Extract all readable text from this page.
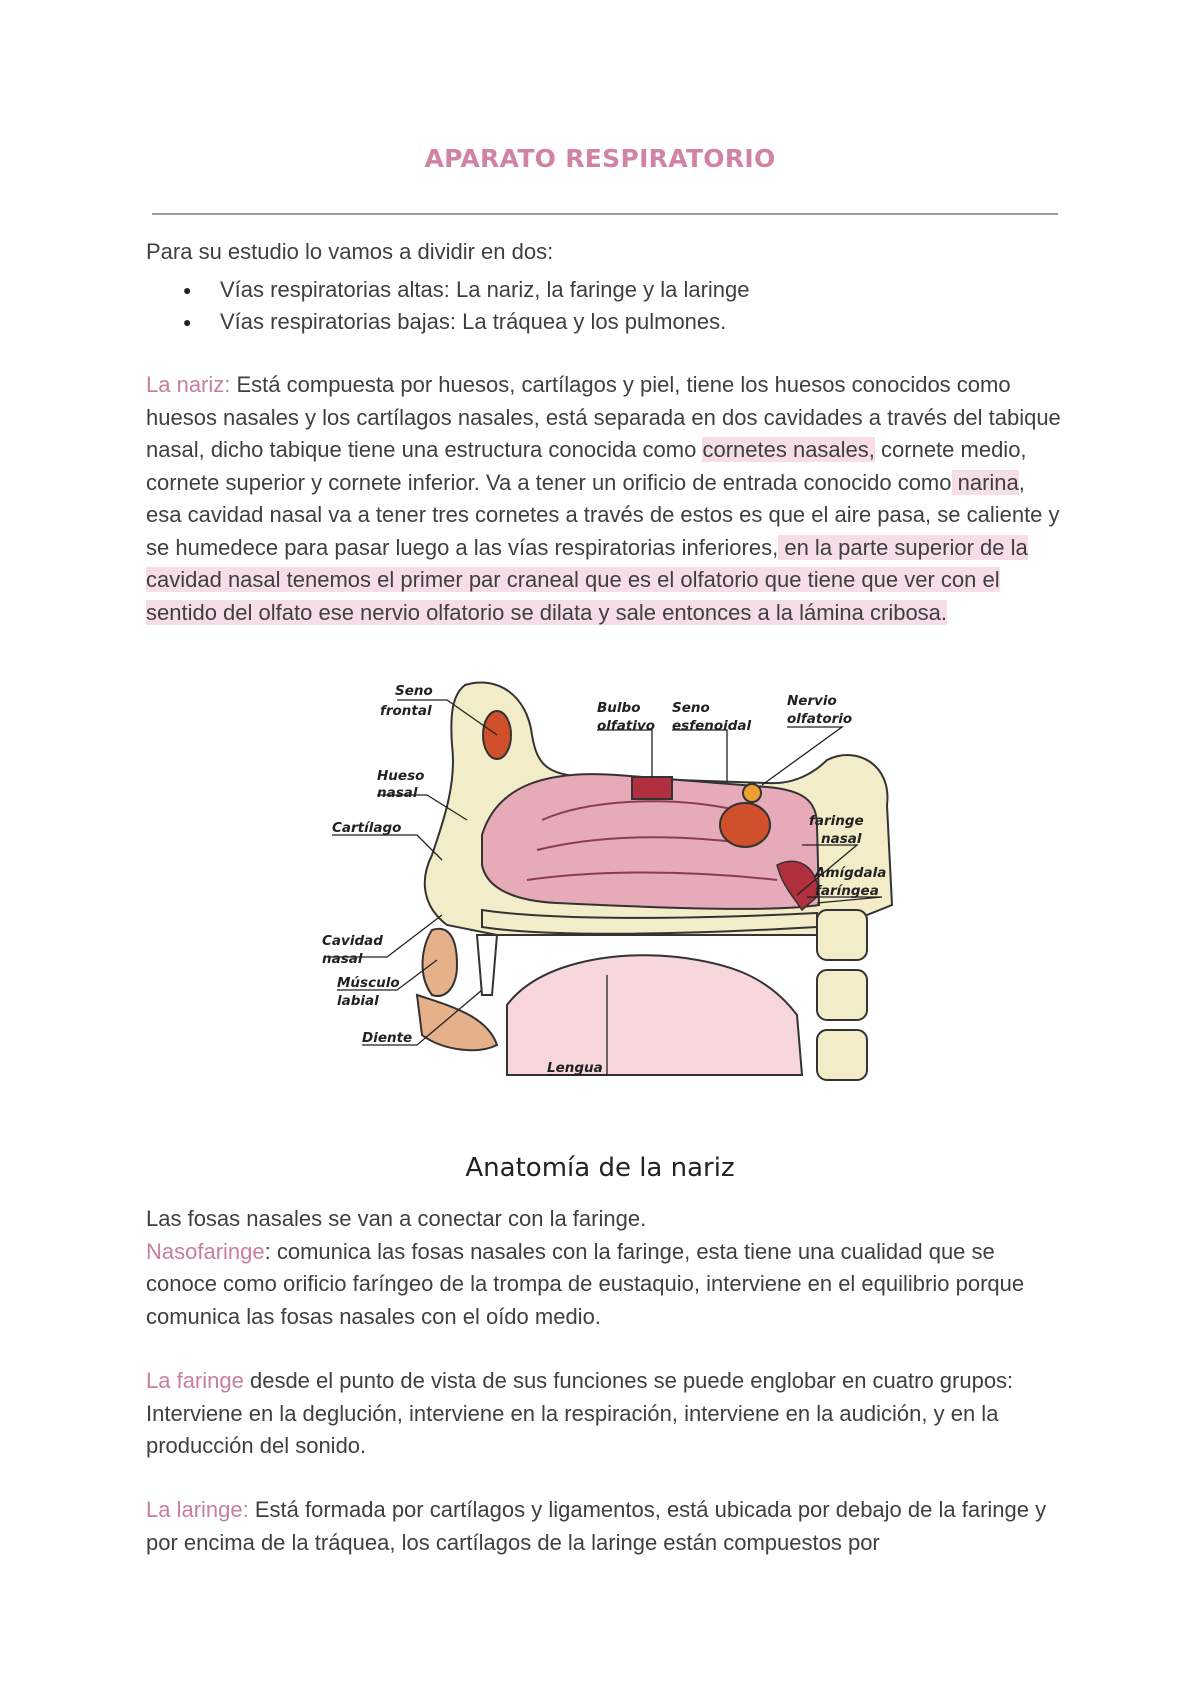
APARATO RESPIRATORIO
Para su estudio lo vamos a dividir en dos:
● Vías respiratorias altas: La nariz, la faringe y la laringe
● Vías respiratorias bajas: La tráquea y los pulmones.
La nariz: Está compuesta por huesos, cartílagos y piel, tiene los huesos conocidos como huesos nasales y los cartílagos nasales, está separada en dos cavidades a través del tabique nasal, dicho tabique tiene una estructura conocida como cornetes nasales, cornete medio, cornete superior y cornete inferior. Va a tener un orificio de entrada conocido como narina, esa cavidad nasal va a tener tres cornetes a través de estos es que el aire pasa, se caliente y se humedece para pasar luego a las vías respiratorias inferiores, en la parte superior de la cavidad nasal tenemos el primer par craneal que es el olfatorio que tiene que ver con el sentido del olfato ese nervio olfatorio se dilata y sale entonces a la lámina cribosa.
Seno
frontal
Hueso
nasal
Cartílago
Cavidad
nasal
Músculo
labial
Diente
Lengua
Bulbo
olfativo
Seno
esfenoidal
Nervio
olfatorio
faringe
nasal
Amígdala
faríngea
Anatomía de la nariz
Las fosas nasales se van a conectar con la faringe.
Nasofaringe: comunica las fosas nasales con la faringe, esta tiene una cualidad que se conoce como orificio faríngeo de la trompa de eustaquio, interviene en el equilibrio porque comunica las fosas nasales con el oído medio.
La faringe desde el punto de vista de sus funciones se puede englobar en cuatro grupos: Interviene en la deglución, interviene en la respiración, interviene en la audición, y en la producción del sonido.
La laringe: Está formada por cartílagos y ligamentos, está ubicada por debajo de la faringe y por encima de la tráquea, los cartílagos de la laringe están compuestos por
